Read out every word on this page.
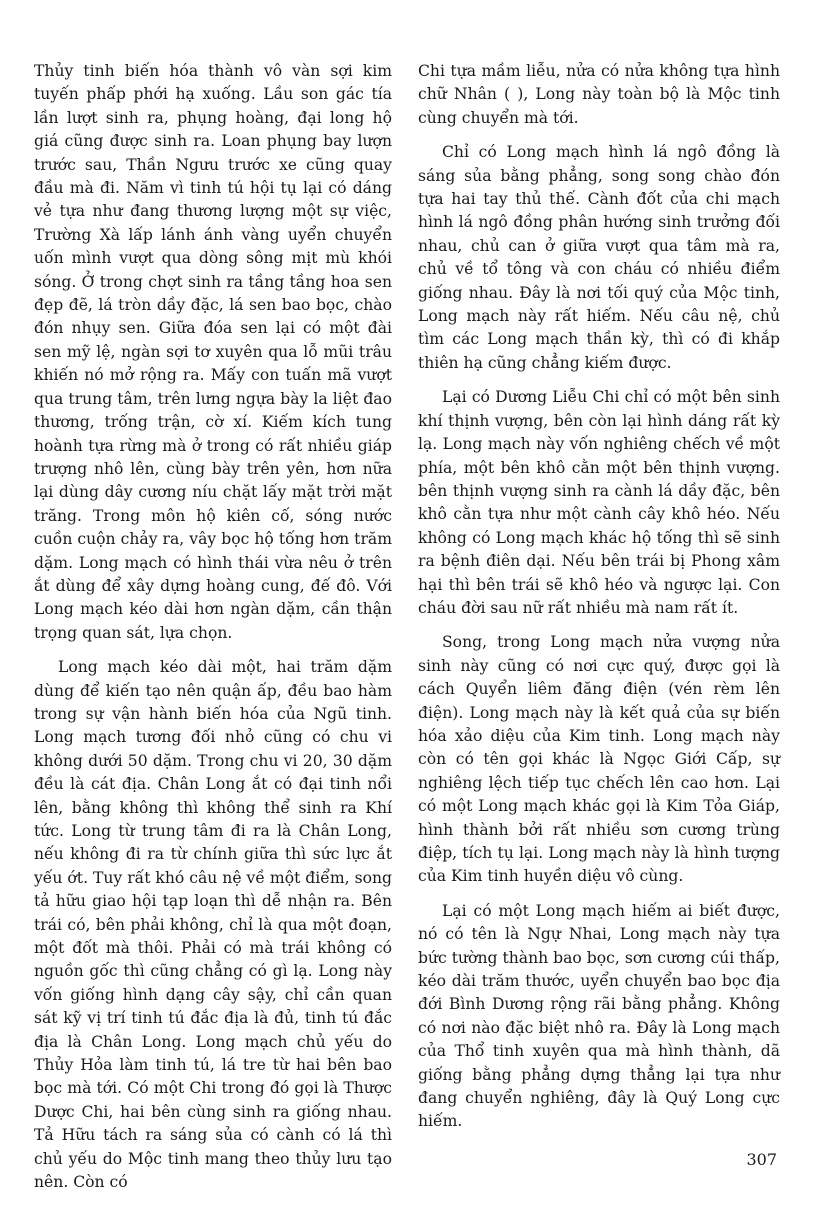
Thủy tinh biến hóa thành vô vàn sợi kim tuyến phấp phới hạ xuống. Lầu son gác tía lần lượt sinh ra, phụng hoàng, đại long hộ giá cũng được sinh ra. Loan phụng bay lượn trước sau, Thần Ngưu trước xe cũng quay đầu mà đi. Năm vì tinh tú hội tụ lại có dáng vẻ tựa như đang thương lượng một sự việc, Trường Xà lấp lánh ánh vàng uyển chuyển uốn mình vượt qua dòng sông mịt mù khói sóng. Ở trong chợt sinh ra tầng tầng hoa sen đẹp đẽ, lá tròn dầy đặc, lá sen bao bọc, chào đón nhụy sen. Giữa đóa sen lại có một đài sen mỹ lệ, ngàn sợi tơ xuyên qua lỗ mũi trâu khiến nó mở rộng ra. Mấy con tuấn mã vượt qua trung tâm, trên lưng ngựa bày la liệt đao thương, trống trận, cờ xí. Kiếm kích tung hoành tựa rừng mà ở trong có rất nhiều giáp trượng nhô lên, cùng bày trên yên, hơn nữa lại dùng dây cương níu chặt lấy mặt trời mặt trăng. Trong môn hộ kiên cố, sóng nước cuồn cuộn chảy ra, vây bọc hộ tống hơn trăm dặm. Long mạch có hình thái vừa nêu ở trên ắt dùng để xây dựng hoàng cung, đế đô. Với Long mạch kéo dài hơn ngàn dặm, cần thận trọng quan sát, lựa chọn.

Long mạch kéo dài một, hai trăm dặm dùng để kiến tạo nên quận ấp, đều bao hàm trong sự vận hành biến hóa của Ngũ tinh. Long mạch tương đối nhỏ cũng có chu vi không dưới 50 dặm. Trong chu vi 20, 30 dặm đều là cát địa. Chân Long ắt có đại tinh nổi lên, bằng không thì không thể sinh ra Khí tức. Long từ trung tâm đi ra là Chân Long, nếu không đi ra từ chính giữa thì sức lực ắt yếu ớt. Tuy rất khó câu nệ về một điểm, song tả hữu giao hội tạp loạn thì dễ nhận ra. Bên trái có, bên phải không, chỉ là qua một đoạn, một đốt mà thôi. Phải có mà trái không có nguồn gốc thì cũng chẳng có gì lạ. Long này vốn giống hình dạng cây sậy, chỉ cần quan sát kỹ vị trí tinh tú đắc địa là đủ, tinh tú đắc địa là Chân Long. Long mạch chủ yếu do Thủy Hỏa làm tinh tú, lá tre từ hai bên bao bọc mà tới. Có một Chi trong đó gọi là Thược Dược Chi, hai bên cùng sinh ra giống nhau. Tả Hữu tách ra sáng sủa có cành có lá thì chủ yếu do Mộc tinh mang theo thủy lưu tạo nên. Còn có

Chi tựa mầm liễu, nửa có nửa không tựa hình chữ Nhân ( ), Long này toàn bộ là Mộc tinh cùng chuyển mà tới.

Chỉ có Long mạch hình lá ngô đồng là sáng sủa bằng phẳng, song song chào đón tựa hai tay thủ thế. Cành đốt của chi mạch hình lá ngô đồng phân hướng sinh trưởng đối nhau, chủ can ở giữa vượt qua tâm mà ra, chủ về tổ tông và con cháu có nhiều điểm giống nhau. Đây là nơi tối quý của Mộc tinh, Long mạch này rất hiếm. Nếu câu nệ, chủ tìm các Long mạch thần kỳ, thì có đi khắp thiên hạ cũng chẳng kiếm được.

Lại có Dương Liễu Chi chỉ có một bên sinh khí thịnh vượng, bên còn lại hình dáng rất kỳ lạ. Long mạch này vốn nghiêng chếch về một phía, một bên khô cằn một bên thịnh vượng. bên thịnh vượng sinh ra cành lá dầy đặc, bên khô cằn tựa như một cành cây khô héo. Nếu không có Long mạch khác hộ tống thì sẽ sinh ra bệnh điên dại. Nếu bên trái bị Phong xâm hại thì bên trái sẽ khô héo và ngược lại. Con cháu đời sau nữ rất nhiều mà nam rất ít.

Song, trong Long mạch nửa vượng nửa sinh này cũng có nơi cực quý, được gọi là cách Quyển liêm đăng điện (vén rèm lên điện). Long mạch này là kết quả của sự biến hóa xảo diệu của Kim tinh. Long mạch này còn có tên gọi khác là Ngọc Giới Cấp, sự nghiêng lệch tiếp tục chếch lên cao hơn. Lại có một Long mạch khác gọi là Kim Tỏa Giáp, hình thành bởi rất nhiều sơn cương trùng điệp, tích tụ lại. Long mạch này là hình tượng của Kim tinh huyền diệu vô cùng.

Lại có một Long mạch hiếm ai biết được, nó có tên là Ngự Nhai, Long mạch này tựa bức tường thành bao bọc, sơn cương cúi thấp, kéo dài trăm thước, uyển chuyển bao bọc địa đới Bình Dương rộng rãi bằng phẳng. Không có nơi nào đặc biệt nhô ra. Đây là Long mạch của Thổ tinh xuyên qua mà hình thành, dã giống bằng phẳng dựng thẳng lại tựa như đang chuyển nghiêng, đây là Quý Long cực hiếm.

307
